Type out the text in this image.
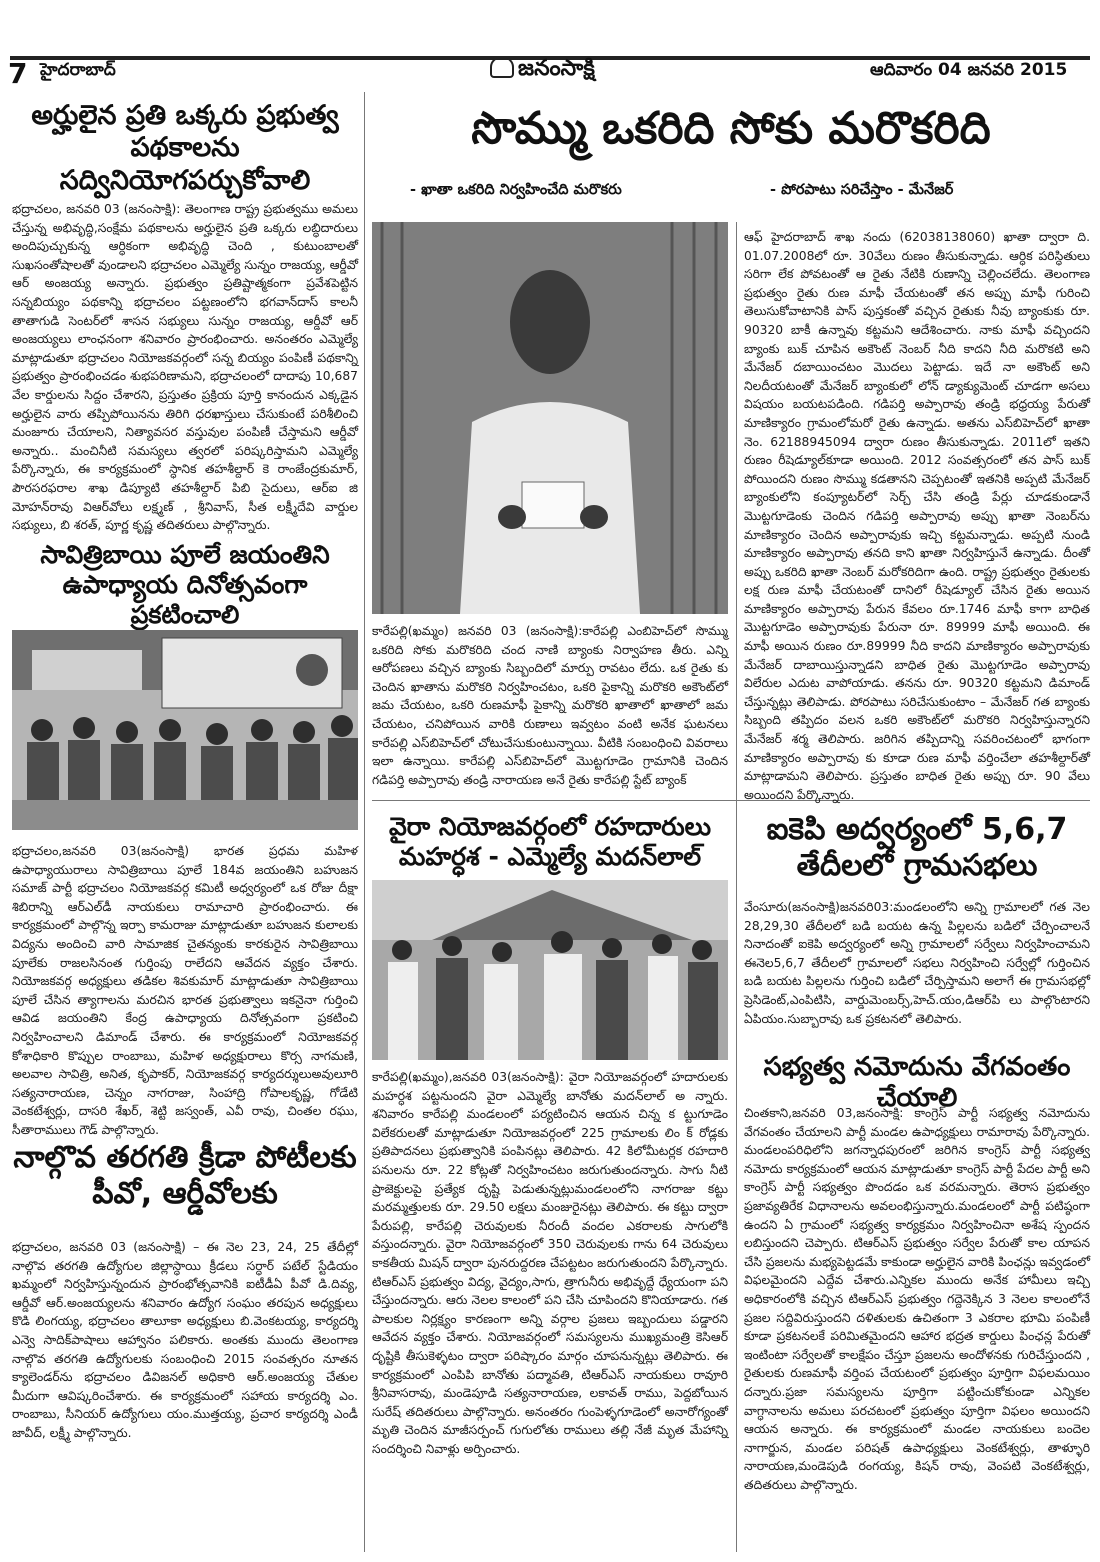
7 హైదరాబాద్	జనంసాక్షి	ఆదివారం 04 జనవరి 2015
అర్హులైన ప్రతి ఒక్కరు ప్రభుత్వ పథకాలను సద్వినియోగపర్చుకోవాలి
భద్రాచలం, జనవరి 03 (జనంసాక్షి): తెలంగాణ రాష్ట్ర ప్రభుత్వము అమలు చేస్తున్న అభివృద్ధి,సంక్షేమ పథకాలను అర్హులైన ప్రతి ఒక్కరు లబ్ధిదారులు అందిపుచ్చుకున్న ఆర్ధికంగా అభివృద్ధి చెంది , కుటుంబాలతో సుఖసంతోషాలతో వుండాలని భద్రాచలం ఎమ్మెల్యే సున్నం రాజయ్య, ఆర్డీవో ఆర్ అంజయ్య అన్నారు. ప్రభుత్వం ప్రతిష్టాత్మకంగా ప్రవేశపెట్టిన సన్నబియ్యం పథకాన్ని భద్రాచలం పట్టణంలోని భగవాన్‌దాస్ కాలనీ తాతాగుడి సెంటర్‌లో శాసన సభ్యులు సున్నం రాజయ్య, ఆర్డీవో ఆర్ అంజయ్యలు లాంఛనంగా శనివారం ప్రారంభించారు. అనంతరం ఎమ్మెల్యే మాట్లాడుతూ భద్రాచలం నియోజకవర్గంలో సన్న బియ్యం పంపిణీ పథకాన్ని ప్రభుత్వం ప్రారంభించడం శుభపరిణామని, భద్రాచలంలో దాదాపు 10,687 వేల కార్డులను సిద్దం చేశారని, ప్రస్తుతం ప్రక్రియ పూర్తి కానందున ఎక్కడైన అర్హులైన వారు తప్పిపోయినను తిరిగి ధరఖాస్తులు చేసుకుంటే పరిశీలించి మంజూరు చేయాలని, నిత్యావసర వస్తువుల పంపిణీ చేస్తామని ఆర్డీవో అన్నారు.. మంచినీటి సమస్యలు త్వరలో పరిష్కరిస్తామని ఎమ్మెల్యే పేర్కొన్నారు, ఈ కార్యక్రమంలో స్ధానిక తహశీల్దార్ కె రాంజేంద్రకుమార్, పౌరసరఫరాల శాఖ డిప్యూటి తహశీల్దార్ పిబి సైదులు, ఆర్‌ఐ జి మోహన్‌రావు విఆర్‌వోలు లక్ష్మణ్ , శ్రీనివాస్, సీత లక్ష్మీదేవి వార్డుల సభ్యులు, బి శరత్, పూర్ణ కృష్ణ తదితరులు పాల్గొన్నారు.
సావిత్రిబాయి పూలే జయంతిని ఉపాధ్యాయ దినోత్సవంగా ప్రకటించాలి
భద్రాచలం,జనవరి 03(జనంసాక్షి) భారత ప్రధమ మహిళ ఉపాధ్యాయురాలు సావిత్రిబాయి పూలే 184వ జయంతిని బహుజన సమాజ్ పార్టీ భద్రాచలం నియోజకవర్గ కమిటీ అధ్వర్యంలో ఒక రోజు దీక్షా శిబిరాన్ని ఆర్‌ఎల్‌డీ నాయకులు రామాచారి ప్రారంభించారు. ఈ కార్యక్రమంలో పాల్గొన్న ఇర్పా కామరాజు మాట్లాడుతూ బహుజన కులాలకు విద్యను అందించి వారి సామాజిక చైతన్యంకు కారకురైన సావిత్రిబాయి పూలేకు రాజలసినంత గుర్తింపు రాలేదని ఆవేదన వ్యక్తం చేశారు. నియోజకవర్గ అధ్యక్షులు తడికల శివకుమార్ మాట్లాడుతూ సావిత్రిబాయి పూలే చేసిన త్యాగాలను మరచిన భారత ప్రభుత్వాలు ఇకనైనా గుర్తించి ఆవిడ జయంతిని కేంద్ర ఉపాధ్యాయ దినోత్సవంగా ప్రకటించి నిర్వహించాలని డిమాండ్ చేశారు. ఈ కార్యక్రమంలో నియోజకవర్గ కోశాధికారి కొప్పుల రాంబాబు, మహిళ అధ్యక్షురాలు కొర్స నాగమణి, అలవాల సావిత్రి, అనిత, కృపాకర్, నియోజకవర్గ కార్యదర్శులుఅవులూరి సత్యనారాయణ, చెన్నం నాగరాజు, సింహాద్రి గోపాలకృష్ణ, గోడేటి వెంకటేశ్వర్లు, దాసరి శేఖర్, శెట్టి జస్వంత్, ఎవీ రావు, చింతల రఘు, సీతారాములు గౌడ్ పాల్గొన్నారు.
నాల్గొవ తరగతి క్రీడా పోటీలకు పీవో, ఆర్డీవోలకు
భద్రాచలం, జనవరి 03 (జనంసాక్షి) – ఈ నెల 23, 24, 25 తేదీల్లో నాల్గొవ తరగతి ఉద్యోగుల జిల్లాస్ధాయి క్రీడలు సర్ధార్ పటేల్ స్టేడియం ఖమ్మంలో నిర్వహిస్తున్నందున ప్రారంభోత్సవానికి ఐటీడీఏ పీవో డి.దివ్య, ఆర్డీవో ఆర్.అంజయ్యలను శనివారం ఉద్యోగ సంఘం తరపున అధ్యక్షులు కొడి లింగయ్య, భద్రాచలం తాలూకా అధ్యక్షులు బి.వెంకటయ్య, కార్యదర్శి ఎన్వె సాదిక్‌పాషాలు ఆహ్వానం పలికారు. అంతకు ముందు తెలంగాణ నాల్గొవ తరగతి ఉద్యోగులకు సంబంధించి 2015 సంవత్సరం నూతన క్యాలెండర్‌ను భద్రాచలం డివిజనల్ అధికారి ఆర్.అంజయ్య చేతుల మీదుగా ఆవిష్కరించేశారు. ఈ కార్యక్రమంలో సహాయ కార్యదర్శి ఎం. రాంబాబు, సీనియర్ ఉద్యోగులు యం.ముత్తయ్య, ప్రచార కార్యదర్శి ఎండీ జావీద్, లక్ష్మీ పాల్గొన్నారు.
సొమ్ము ఒకరిది సోకు మరొకరిది
- ఖాతా ఒకరిది నిర్వహించేది మరొకరు	- పోరపాటు సరిచేస్తాం - మేనేజర్
కారేపల్లి(ఖమ్మం) జనవరి 03 (జనంసాక్షి):కారేపల్లి ఎంబిహెచ్‌లో సొమ్ము ఒకరిది సోకు మరొకరిది చంద నాణి బ్యాంకు నిర్వాహణ తీరు. ఎన్ని ఆరోపణలు వచ్చిన బ్యాంకు సిబ్బందిలో మార్పు రావటం లేదు. ఒక రైతు కు చెందిన ఖాతాను మరొకరి నిర్వహించటం, ఒకరి పైకాన్ని మరొకరి అకౌంట్‌లో జమ చేయటం, ఒకరి రుణమాఫీ పైకాన్ని మరొకరి ఖాతాలో ఖాతాలో జమ చేయటం, చనిపోయిన వారికి రుణాలు ఇవ్వటం వంటి అనేక ఘటనలు కారేపల్లి ఎస్‌బిహెచ్‌లో చోటుచేసుకుంటున్నాయి. వీటికి సంబంధించి వివరాలు ఇలా ఉన్నాయి. కారేపల్లి ఎస్‌బిహెచ్‌లో మొట్టగూడెం గ్రామానికి చెందిన గడిపర్తి అప్పారావు తండ్రి నారాయణ అనే రైతు కారేపల్లి స్టేట్ బ్యాంక్
ఆఫ్ హైదరాబాద్ శాఖ నందు (62038138060) ఖాతా ద్వారా ది. 01.07.2008లో రూ. 30వేలు రుణం తీసుకున్నాడు. ఆర్ధిక పరిస్ధితులు సరిగా లేక పోవటంతో ఆ రైతు నేటికి రుణాన్ని చెల్లించలేదు. తెలంగాణ ప్రభుత్వం రైతు రుణ మాఫీ చేయటంతో తన అప్పు మాఫీ గురించి తెలుసుకోవాటానికి పాస్ పుస్తకంతో వచ్చిన రైతుకు నీవు బ్యాంకుకు రూ. 90320 బాకీ ఉన్నావు కట్టమని ఆదేశించారు. నాకు మాఫీ వచ్చిందని బ్యాంకు బుక్ చూపిన అకౌంట్ నెంబర్ నీది కాదని నీది మరొకటి అని మేనేజర్ దబాయించటం మొదలు పెట్టాడు. ఇదే నా అకౌంట్ అని నిలదీయటంతో మేనేజర్ బ్యాంకులో లోన్ డ్యాక్యుమెంట్ చూడగా అసలు విషయం బయటపడింది. గడిపర్తి అప్పారావు తండ్రి భధ్రయ్య పేరుతో మాణిక్యారం గ్రామంలోమరో రైతు ఉన్నాడు. అతను ఎస్‌బిహెచ్‌లో ఖాతా నెం. 62188945094 ద్వారా రుణం తీసుకున్నాడు. 2011లో ఇతని రుణం రీషెడ్యూల్‌కూడా అయింది. 2012 సంవత్సరంలో తన పాస్ బుక్ పోయిందని రుణం సొమ్ము కడతానని చెప్పటంతో ఇతనికి అప్పటి మేనేజర్ బ్యాంకులోని కంప్యూటర్‌లో సెర్చ్ చేసి తండ్రి పేర్లు చూడకుండానే మొట్టగూడెంకు చెందిన గడిపర్తి అప్పారావు అప్పు ఖాతా నెంబర్‌ను మాణిక్యారం చెందిన అప్పారావుకు ఇచ్చి కట్టమన్నాడు. అప్పటి నుండి మాణిక్యారం అప్పారావు తనది కాని ఖాతా నిర్వహిస్తునే ఉన్నాడు. దీంతో అప్పు ఒకరిది ఖాతా నెంబర్ మరోకరిదిగా ఉంది. రాష్ట్ర ప్రభుత్వం రైతులకు లక్ష రుణ మాఫీ చేయటంతో దానిలో రీషెడ్యూల్ చేసిన రైతు అయిన మాణిక్యారం అప్పారావు పేరున కేవలం రూ.1746 మాఫీ కాగా బాధిత మొట్టగూడెం అప్పారావుకు పేరునా రూ. 89999 మాఫీ అయింది. ఈ మాఫీ అయిన రుణం రూ.89999 నీది కాదని మాణిక్యారం అప్పారావుకు మేనేజర్ దాబాయిస్తున్నాడని బాధిత రైతు మొట్టగూడెం అప్పారావు విలేరుల ఎదుట వాపోయాడు. తనను రూ. 90320 కట్టమని డిమాండ్ చేస్తున్నట్లు తెలిపాడు. పోరపాటు సరిచేసుకుంటాం – మేనేజర్ గత బ్యాంకు సిబ్బంది తప్పిదం వలన ఒకరి అకౌంట్‌లో మరొకరి నిర్వహిస్తున్నారని మేనేజర్ శర్మ తెలిపారు. జరిగిన తప్పిదాన్ని సవరించటంలో భాగంగా మాణిక్యారం అప్పారావు కు కూడా రుణ మాఫీ వర్తించేలా తహశీల్దార్‌తో మాట్లాడామని తెలిపారు. ప్రస్తుతం బాధిత రైతు అప్పు రూ. 90 వేలు అయిందని పేర్కొన్నారు.
వైరా నియోజవర్గంలో రహదారులు మహర్ధశ - ఎమ్మెల్యే మదన్‌లాల్
కారేపల్లి(ఖమ్మం),జనవరి 03(జనంసాక్షి): వైరా నియోజవర్గంలో హదారులకు మహర్ధశ పట్టనుందని వైరా ఎమ్మెల్యే బానోతు మదన్‌లాల్ అ న్నారు. శనివారం కారేపల్లి మండలంలో పర్యటించిన ఆయన చిన్న క ట్టుగూడెం విలేకరులతో మాట్లాడుతూ నియోజవర్గంలో 225 గ్రామాలకు లిం క్ రోడ్లకు ప్రతిపాదనలు ప్రభుత్వానికి పంపినట్లు తెలిపారు. 42 కిలోమీటర్లక రహదారి పనులను రూ. 22 కోట్లతో నిర్వహించటం జరుగుతుందన్నారు. సాగు నీటి ప్రాజెక్టులపై ప్రత్యేక దృష్టి పెడుతున్నట్లుమండలంలోని నాగరాజు కట్టు మరమ్మత్తులకు రూ. 29.50 లక్షలు మంజురైనట్లు తెలిపారు. ఈ కట్టు ద్వారా పేరుపల్లి, కారేపల్లి చెరువులకు నీరందీ వందల ఎకరాలకు సాగులోకి వస్తుందన్నారు. వైరా నియోజవర్గంలో 350 చెరువులకు గాను 64 చెరువులు కాకతీయ మిషన్ ద్వారా పునరుద్దరణ చేపట్టటం జరుగుతుందని పేర్కొన్నారు. టిఆర్‌ఎస్ ప్రభుత్వం విద్య, వైద్యం,సాగు, త్రాగునీరు అభివృద్దే ధ్యేయంగా పని చేస్తుందన్నారు. ఆరు నెలల కాలంలో పని చేసి చూపిందని కొనియాడారు. గత పాలకుల నిర్లక్ష్యం కారణంగా అన్ని వర్గాల ప్రజలు ఇబ్బందులు పడ్డారని ఆవేదన వ్యక్తం చేశారు. నియోజవర్గంలో సమస్యలను ముఖ్యమంత్రి కెసిఆర్ దృష్టికి తీసుకెళ్ళటం ద్వారా పరిష్కారం మార్గం చూపనున్నట్లు తెలిపారు. ఈ కార్యక్రమంలో ఎంపిపి బానోతు పద్మావతి, టిఆర్‌ఎస్ నాయకులు రావూరి శ్రీనివాసరావు, మండెపూడి సత్యనారాయణ, లకావత్ రాము, పెద్దబోయిన సురేష్ తదితరులు పాల్గొన్నారు. అనంతరం గుంపెళ్ళగూడెంలో అనారోగ్యంతో మృతి చెందిన మాజీసర్పంచ్ గుగులోతు రాములు తల్లి నేజీ మృత మేహాన్ని సందర్శించి నివాళ్లు అర్పించారు.
ఐకెపి అద్వర్యంలో 5,6,7 తేదీలలో గ్రామసభలు
వేంసూరు(జనంసాక్షి)జనవరి03:మండలంలోని అన్ని గ్రామాలలో గత నెల 28,29,30 తేదీలలో బడి బయట ఉన్న పిల్లలను బడిలో చేర్పించాలనే నినాదంతో ఐకెపి అద్వర్యంలో అన్ని గ్రామాలలో సర్వేలు నిర్వహించామని ఈనెల5,6,7 తేదీలలో గ్రామాలలో సభలు నిర్వహించి సర్వేల్లో గుర్తించిన బడి బయట పిల్లలను గుర్తించి బడిలో చేర్పిస్తామని అలాగే ఈ గ్రామసభల్లో ప్రెసిడెంట్,ఎంపిటిసి, వార్డుమెంబర్స్,హెచ్.యం,డిఆర్‌పి లు పాల్గొంటారని ఏపియం.సుబ్బారావు ఒక ప్రకటనలో తెలిపారు.
సభ్యత్వ నమోదును వేగవంతం చేయాలి
చింతకాని,జనవరి 03,జనంసాక్షి: కాంగ్రెస్ పార్టీ సభ్యత్వ నమోదును వేగవంతం చేయాలని పార్టీ మండల ఉపాధ్యక్షులు రామారావు పేర్కొన్నారు. మండలంపరిధిలోని జగన్నాధపురంలో జరిగిన కాంగ్రెస్ పార్టీ సభ్యత్వ నమోదు కార్యక్రమంలో ఆయన మాట్లాడుతూ కాంగ్రెస్ పార్టీ పేదల పార్టీ అని కాంగ్రెస్ పార్టీ సభ్యత్వం పొందడం ఒక వరమన్నారు. తెరాస ప్రభుత్వం ప్రజావ్యతిరేక విధానాలను అవలంభిస్తున్నారు.మండలంలో పార్టీ పటిష్ఠంగా ఉందని ఏ గ్రామంలో సభ్యత్వ కార్యక్రమం నిర్వహించినా అశేష స్పందన లబిస్తుందని చెప్పారు. టిఆర్‌ఎస్ ప్రభుత్వం సర్వేల పేరుతో కాల యాపన చేసి ప్రజలను మభ్యపెట్టడమే కాకుండా అర్హులైన వారికి పింఛన్లు ఇవ్వడంలో విఫలమైందని ఎద్దేవ చేశారు.ఎన్నికల ముందు అనేక హామీలు ఇచ్చి అధికారంలోకి వచ్చిన టిఆర్‌ఎస్ ప్రభుత్వం గద్దెనెక్కిన 3 నెలల కాలంలోనే ప్రజల సద్దివిరుస్తుందని దళితులకు ఉచితంగా 3 ఎకరాల భూమి పంపిణీ కూడా ప్రకటనలకే పరిమితమైందని ఆహార భద్రత కార్డులు పింఛన్ల పేరుతో ఇంటింటా సర్వేలతో కాలక్షేపం చేస్తూ ప్రజలను అందోళనకు గురిచేస్తుందని , రైతులకు రుణమాఫీ వర్తింప చేయటంలో ప్రభుత్వం పూర్తిగా విఫలమయిం దన్నారు.ప్రజా సమస్యలను పూర్తిగా పట్టించుకోకుండా ఎన్నికల వాగ్ధానాలను అమలు పరచటంలో ప్రభుత్వం పూర్తిగా విఫలం అయిందని ఆయన అన్నారు. ఈ కార్యక్రమంలో మండల నాయకులు బందెల నాగార్జున, మండల పరిషత్ ఉపాధ్యక్షులు వెంకటేశ్వర్లు, తాళ్ళూరి నారాయణ,మండెపుడి రంగయ్య, కిషన్ రావు, వెంపటి వెంకటేశ్వర్లు, తదితరులు పాల్గొన్నారు.
